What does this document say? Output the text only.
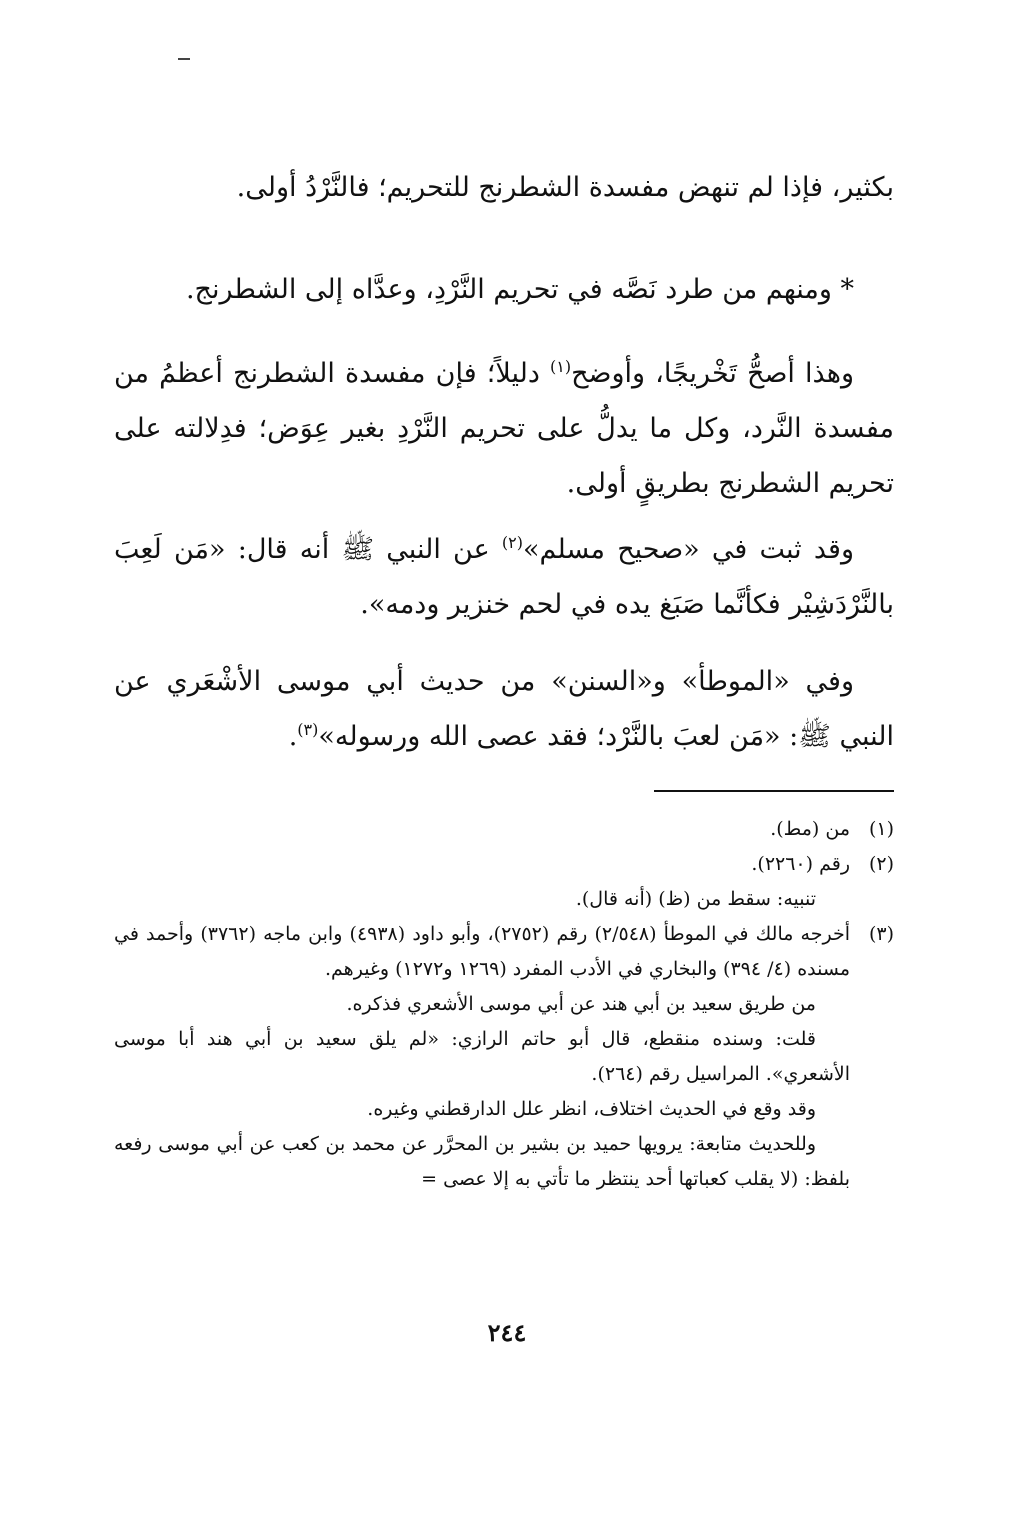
بكثير، فإذا لم تنهض مفسدة الشطرنج للتحريم؛ فالنَّرْدُ أولى.
* ومنهم من طرد نَصَّه في تحريم النَّرْدِ، وعدَّاه إلى الشطرنج.
وهذا أصحُّ تَخْريجًا، وأوضح$^{(١)}$ دليلاً؛ فإن مفسدة الشطرنج أعظمُ من مفسدة النَّرد، وكل ما يدلُّ على تحريم النَّرْدِ بغير عِوَض؛ فدِلالته على تحريم الشطرنج بطريقٍ أولى.
وقد ثبت في «صحيح مسلم»$^{(٢)}$ عن النبي ﷺ أنه قال: «مَن لَعِبَ بالنَّرْدَشِيْر فكأنَّما صَبَغ يده في لحم خنزير ودمه».
وفي «الموطأ» و«السنن» من حديث أبي موسى الأشْعَري عن النبي ﷺ: «مَن لعبَ بالنَّرْد؛ فقد عصى الله ورسوله»$^{(٣)}$.
(١)
من (مط).
(٢)
رقم (٢٢٦٠).
تنبيه: سقط من (ظ) (أنه قال).
(٣)
أخرجه مالك في الموطأ (٢/٥٤٨) رقم (٢٧٥٢)، وأبو داود (٤٩٣٨) وابن ماجه (٣٧٦٢) وأحمد في مسنده (٤/ ٣٩٤) والبخاري في الأدب المفرد (١٢٦٩ و١٢٧٢) وغيرهم.
من طريق سعيد بن أبي هند عن أبي موسى الأشعري فذكره.
قلت: وسنده منقطع، قال أبو حاتم الرازي: «لم يلق سعيد بن أبي هند أبا موسى الأشعري». المراسيل رقم (٢٦٤).
وقد وقع في الحديث اختلاف، انظر علل الدارقطني وغيره.
وللحديث متابعة: يرويها حميد بن بشير بن المحرَّر عن محمد بن كعب عن أبي موسى رفعه بلفظ: (لا يقلب كعباتها أحد ينتظر ما تأتي به إلا عصى =
٢٤٤
